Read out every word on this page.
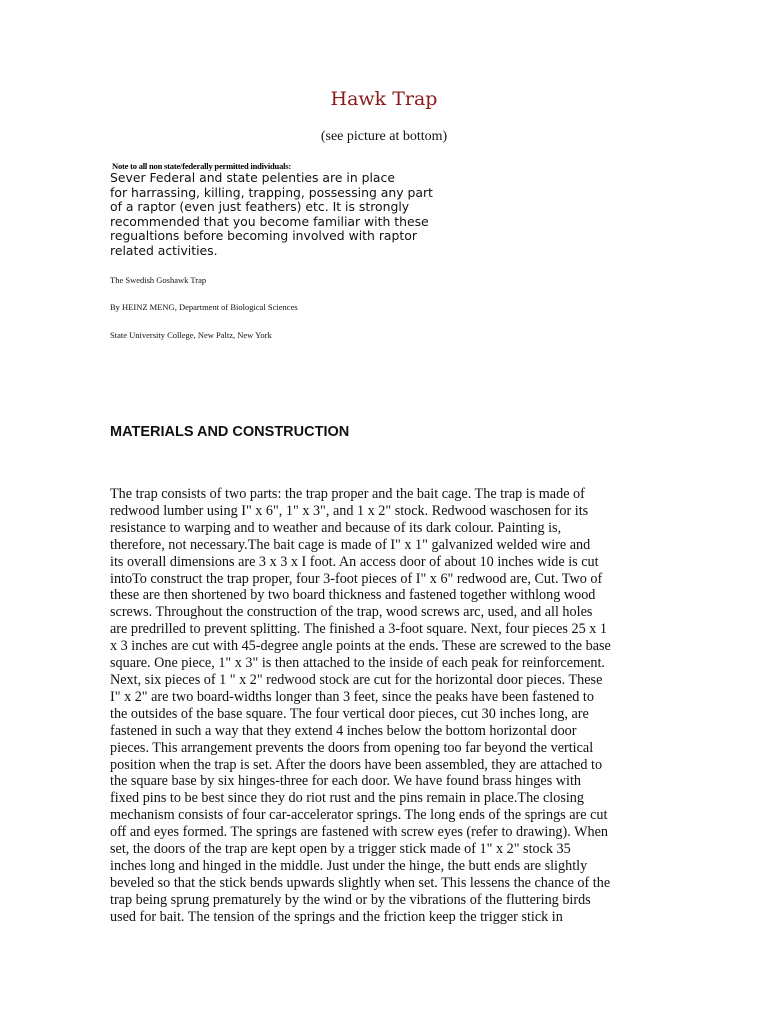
Hawk Trap
(see picture at bottom)
Note to all non state/federally permitted individuals:
Sever Federal and state pelenties are in place
for harrassing, killing, trapping, possessing any part
of a raptor (even just feathers) etc. It is strongly
recommended that you become familiar with these
regualtions before becoming involved with raptor
related activities.
The Swedish Goshawk Trap
By HEINZ MENG, Department of Biological Sciences
State University College, New Paltz, New York
MATERIALS AND CONSTRUCTION
The trap consists of two parts: the trap proper and the bait cage. The trap is made of
redwood lumber using I" x 6", 1" x 3", and 1 x 2" stock. Redwood waschosen for its
resistance to warping and to weather and because of its dark colour. Painting is,
therefore, not necessary.The bait cage is made of I" x 1" galvanized welded wire and
its overall dimensions are 3 x 3 x I foot. An access door of about 10 inches wide is cut
intoTo construct the trap proper, four 3-foot pieces of I" x 6" redwood are, Cut. Two of
these are then shortened by two board thickness and fastened together withlong wood
screws. Throughout the construction of the trap, wood screws arc, used, and all holes
are predrilled to prevent splitting. The finished a 3-foot square. Next, four pieces 25 x 1
x 3 inches are cut with 45-degree angle points at the ends. These are screwed to the base
square. One piece, 1" x 3" is then attached to the inside of each peak for reinforcement.
Next, six pieces of 1 " x 2" redwood stock are cut for the horizontal door pieces. These
I" x 2" are two board-widths longer than 3 feet, since the peaks have been fastened to
the outsides of the base square. The four vertical door pieces, cut 30 inches long, are
fastened in such a way that they extend 4 inches below the bottom horizontal door
pieces. This arrangement prevents the doors from opening too far beyond the vertical
position when the trap is set. After the doors have been assembled, they are attached to
the square base by six hinges-three for each door. We have found brass hinges with
fixed pins to be best since they do riot rust and the pins remain in place.The closing
mechanism consists of four car-accelerator springs. The long ends of the springs are cut
off and eyes formed. The springs are fastened with screw eyes (refer to drawing). When
set, the doors of the trap are kept open by a trigger stick made of 1" x 2" stock 35
inches long and hinged in the middle. Just under the hinge, the butt ends are slightly
beveled so that the stick bends upwards slightly when set. This lessens the chance of the
trap being sprung prematurely by the wind or by the vibrations of the fluttering birds
used for bait. The tension of the springs and the friction keep the trigger stick in
